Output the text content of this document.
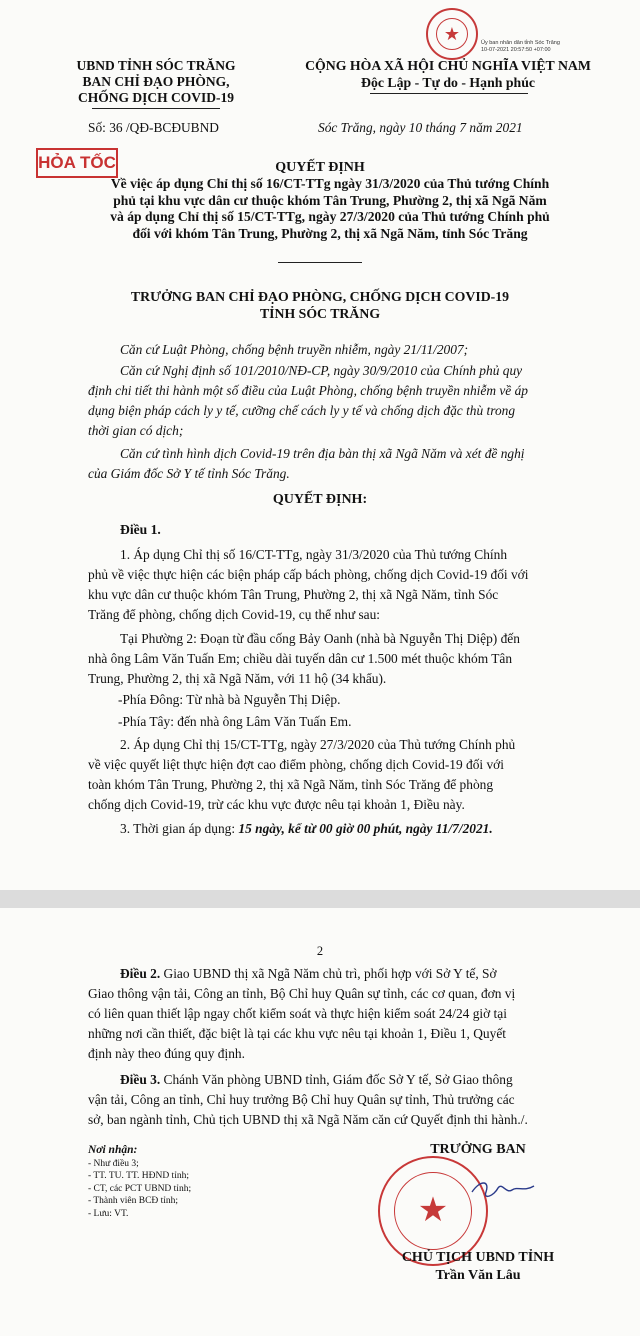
★	Ủy ban nhân dân tỉnh Sóc Trăng
10-07-2021 20:57:50 +07:00
UBND TỈNH SÓC TRĂNG
BAN CHỈ ĐẠO PHÒNG,
CHỐNG DỊCH COVID-19
CỘNG HÒA XÃ HỘI CHỦ NGHĨA VIỆT NAM
Độc Lập - Tự do - Hạnh phúc
Số: 36 /QĐ-BCĐUBND	Sóc Trăng, ngày 10 tháng 7 năm 2021
HỎA TỐC	QUYẾT ĐỊNH
Về việc áp dụng Chỉ thị số 16/CT-TTg ngày 31/3/2020 của Thủ tướng Chính
phủ tại khu vực dân cư thuộc khóm Tân Trung, Phường 2, thị xã Ngã Năm
và áp dụng Chỉ thị số 15/CT-TTg, ngày 27/3/2020 của Thủ tướng Chính phủ
đối với khóm Tân Trung, Phường 2, thị xã Ngã Năm, tỉnh Sóc Trăng
TRƯỞNG BAN CHỈ ĐẠO PHÒNG, CHỐNG DỊCH COVID-19
TỈNH SÓC TRĂNG
Căn cứ Luật Phòng, chống bệnh truyền nhiễm, ngày 21/11/2007;
Căn cứ Nghị định số 101/2010/NĐ-CP, ngày 30/9/2010 của Chính phủ quy
định chi tiết thi hành một số điều của Luật Phòng, chống bệnh truyền nhiễm về áp
dụng biện pháp cách ly y tế, cưỡng chế cách ly y tế và chống dịch đặc thù trong
thời gian có dịch;
Căn cứ tình hình dịch Covid-19 trên địa bàn thị xã Ngã Năm và xét đề nghị
của Giám đốc Sở Y tế tỉnh Sóc Trăng.
QUYẾT ĐỊNH:
Điều 1.
1. Áp dụng Chỉ thị số 16/CT-TTg, ngày 31/3/2020 của Thủ tướng Chính
phủ về việc thực hiện các biện pháp cấp bách phòng, chống dịch Covid-19 đối với
khu vực dân cư thuộc khóm Tân Trung, Phường 2, thị xã Ngã Năm, tỉnh Sóc
Trăng để phòng, chống dịch Covid-19, cụ thể như sau:
Tại Phường 2: Đoạn từ đầu cống Bảy Oanh (nhà bà Nguyễn Thị Diệp) đến
nhà ông Lâm Văn Tuấn Em; chiều dài tuyến dân cư 1.500 mét thuộc khóm Tân
Trung, Phường 2, thị xã Ngã Năm, với 11 hộ (34 khẩu).
-Phía Đông: Từ nhà bà Nguyễn Thị Diệp.
-Phía Tây: đến nhà ông Lâm Văn Tuấn Em.
2. Áp dụng Chỉ thị 15/CT-TTg, ngày 27/3/2020 của Thủ tướng Chính phủ
về việc quyết liệt thực hiện đợt cao điểm phòng, chống dịch Covid-19 đối với
toàn khóm Tân Trung, Phường 2, thị xã Ngã Năm, tỉnh Sóc Trăng để phòng
chống dịch Covid-19, trừ các khu vực được nêu tại khoản 1, Điều này.
3. Thời gian áp dụng: 15 ngày, kể từ 00 giờ 00 phút, ngày 11/7/2021.
2
Điều 2. Giao UBND thị xã Ngã Năm chủ trì, phối hợp với Sở Y tế, Sở
Giao thông vận tải, Công an tỉnh, Bộ Chỉ huy Quân sự tỉnh, các cơ quan, đơn vị
có liên quan thiết lập ngay chốt kiểm soát và thực hiện kiểm soát 24/24 giờ tại
những nơi cần thiết, đặc biệt là tại các khu vực nêu tại khoản 1, Điều 1, Quyết
định này theo đúng quy định.
Điều 3. Chánh Văn phòng UBND tỉnh, Giám đốc Sở Y tế, Sở Giao thông
vận tải, Công an tỉnh, Chỉ huy trưởng Bộ Chỉ huy Quân sự tỉnh, Thủ trưởng các
sở, ban ngành tỉnh, Chủ tịch UBND thị xã Ngã Năm căn cứ Quyết định thi hành./.
Nơi nhận:
- Như điều 3;
- TT. TU. TT. HĐND tỉnh;
- CT, các PCT UBND tỉnh;
- Thành viên BCĐ tỉnh;
- Lưu: VT.
TRƯỞNG BAN
★
CHỦ TỊCH UBND TỈNH
Trần Văn Lâu
